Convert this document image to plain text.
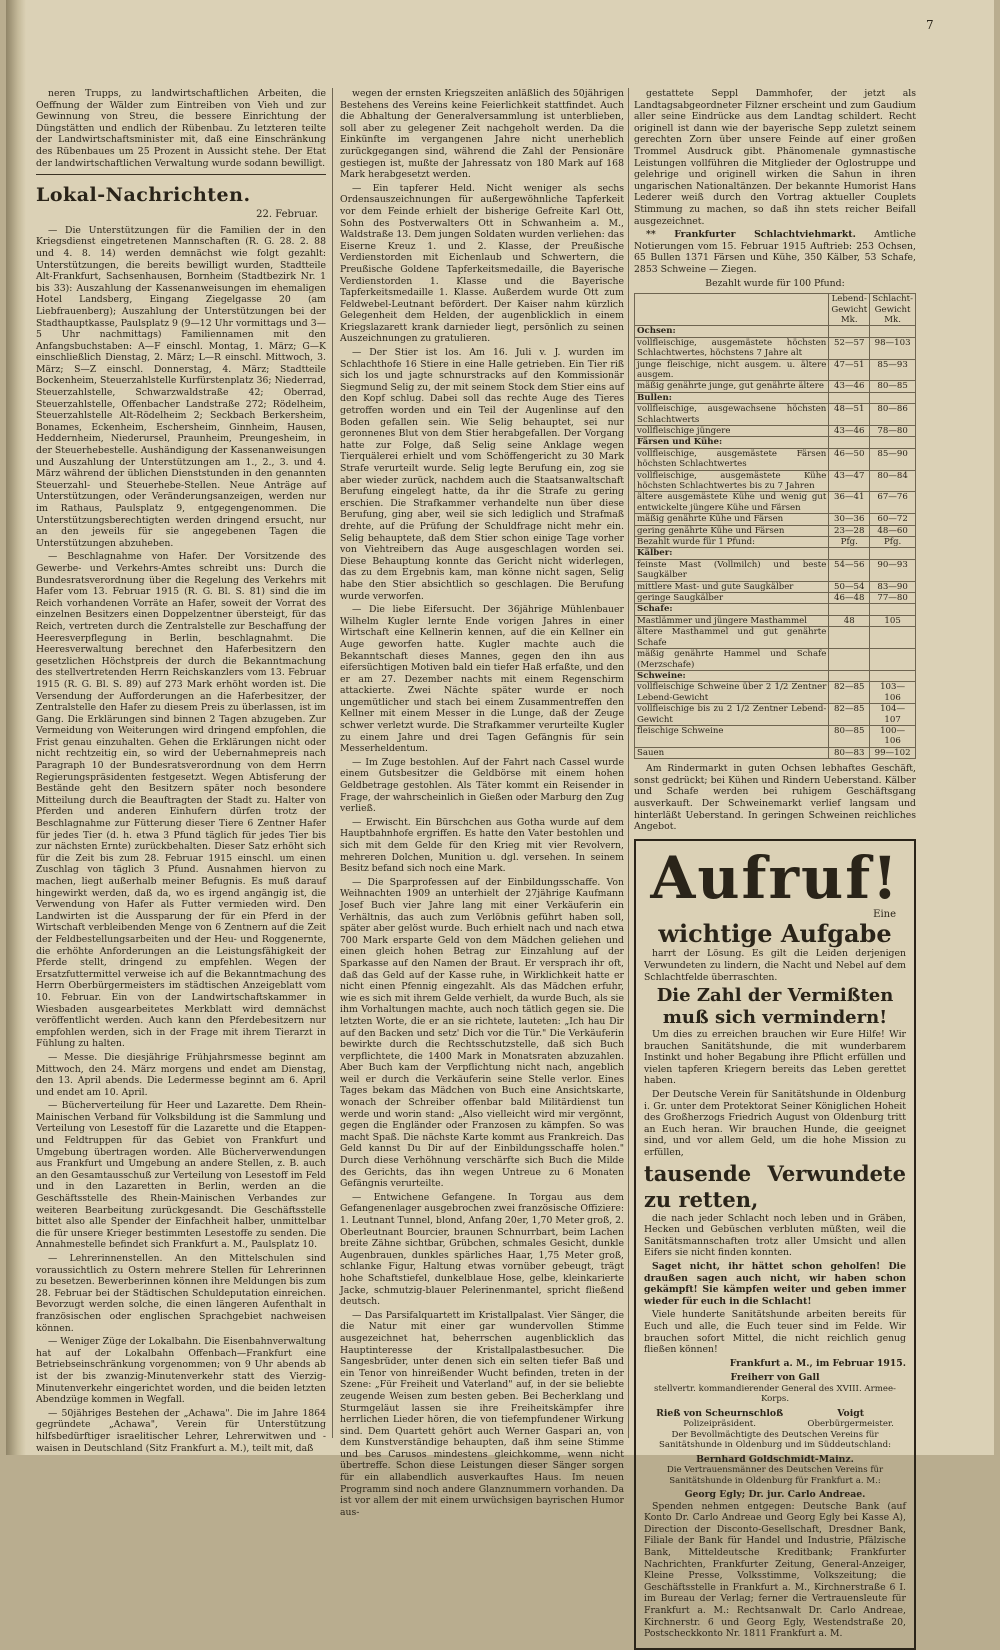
7

neren Trupps, zu landwirtschaftlichen Arbeiten, die Oeffnung der Wälder zum Eintreiben von Vieh und zur Gewinnung von Streu, die bessere Einrichtung der Düngstätten und endlich der Rübenbau. Zu letzteren teilte der Landwirtschaftsminister mit, daß eine Einschränkung des Rübenbaues um 25 Prozent in Aussicht stehe. Der Etat der landwirtschaftlichen Verwaltung wurde sodann bewilligt.

Lokal-Nachrichten.
22. Februar.

— Die Unterstützungen für die Familien der in den Kriegsdienst eingetretenen Mannschaften (R. G. 28. 2. 88 und 4. 8. 14) werden demnächst wie folgt gezahlt: Unterstützungen, die bereits bewilligt wurden, Stadtteile Alt-Frankfurt, Sachsenhausen, Bornheim (Stadtbezirk Nr. 1 bis 33): Auszahlung der Kassenanweisungen im ehemaligen Hotel Landsberg, Eingang Ziegelgasse 20 (am Liebfrauenberg); Auszahlung der Unterstützungen bei der Stadthauptkasse, Paulsplatz 9 (9—12 Uhr vormittags und 3—5 Uhr nachmittags) Familiennamen mit den Anfangsbuchstaben: A—F einschl. Montag, 1. März; G—K einschließlich Dienstag, 2. März; L—R einschl. Mittwoch, 3. März; S—Z einschl. Donnerstag, 4. März; Stadtteile Bockenheim, Steuerzahlstelle Kurfürstenplatz 36; Niederrad, Steuerzahlstelle, Schwarzwaldstraße 42; Oberrad, Steuerzahlstelle, Offenbacher Landstraße 272; Rödelheim, Steuerzahlstelle Alt-Rödelheim 2; Seckbach Berkersheim, Bonames, Eckenheim, Eschersheim, Ginnheim, Hausen, Heddernheim, Niederursel, Praunheim, Preungesheim, in der Steuerhebestelle. Aushändigung der Kassenanweisungen und Auszahlung der Unterstützungen am 1., 2., 3. und 4. März während der üblichen Dienststunden in den genannten Steuerzahl- und Steuerhebe-Stellen. Neue Anträge auf Unterstützungen, oder Veränderungsanzeigen, werden nur im Rathaus, Paulsplatz 9, entgegengenommen. Die Unterstützungsberechtigten werden dringend ersucht, nur an den jeweils für sie angegebenen Tagen die Unterstützungen abzuheben.

— Beschlagnahme von Hafer. Der Vorsitzende des Gewerbe- und Verkehrs-Amtes schreibt uns: Durch die Bundesratsverordnung über die Regelung des Verkehrs mit Hafer vom 13. Februar 1915 (R. G. Bl. S. 81) sind die im Reich vorhandenen Vorräte an Hafer, soweit der Vorrat des einzelnen Besitzers einen Doppelzentner übersteigt, für das Reich, vertreten durch die Zentralstelle zur Beschaffung der Heeresverpflegung in Berlin, beschlagnahmt. Die Heeresverwaltung berechnet den Haferbesitzern den gesetzlichen Höchstpreis der durch die Bekanntmachung des stellvertretenden Herrn Reichskanzlers vom 13. Februar 1915 (R. G. Bl. S. 89) auf 273 Mark erhöht worden ist. Die Versendung der Aufforderungen an die Haferbesitzer, der Zentralstelle den Hafer zu diesem Preis zu überlassen, ist im Gang. Die Erklärungen sind binnen 2 Tagen abzugeben. Zur Vermeidung von Weiterungen wird dringend empfohlen, die Frist genau einzuhalten. Gehen die Erklärungen nicht oder nicht rechtzeitig ein, so wird der Uebernahmepreis nach Paragraph 10 der Bundesratsverordnung von dem Herrn Regierungspräsidenten festgesetzt. Wegen Abtisferung der Bestände geht den Besitzern später noch besondere Mitteilung durch die Beauftragten der Stadt zu. Halter von Pferden und anderen Einhufern dürfen trotz der Beschlagnahme zur Fütterung dieser Tiere 6 Zentner Hafer für jedes Tier (d. h. etwa 3 Pfund täglich für jedes Tier bis zur nächsten Ernte) zurückbehalten. Dieser Satz erhöht sich für die Zeit bis zum 28. Februar 1915 einschl. um einen Zuschlag von täglich 3 Pfund. Ausnahmen hiervon zu machen, liegt außerhalb meiner Befugnis. Es muß darauf hingewirkt werden, daß da, wo es irgend angängig ist, die Verwendung von Hafer als Futter vermieden wird. Den Landwirten ist die Aussparung der für ein Pferd in der Wirtschaft verbleibenden Menge von 6 Zentnern auf die Zeit der Feldbestellungsarbeiten und der Heu- und Roggenernte, die erhöhte Anforderungen an die Leistungsfähigkeit der Pferde stellt, dringend zu empfehlen. Wegen der Ersatzfuttermittel verweise ich auf die Bekanntmachung des Herrn Oberbürgermeisters im städtischen Anzeigeblatt vom 10. Februar. Ein von der Landwirtschaftskammer in Wiesbaden ausgearbeitetes Merkblatt wird demnächst veröffentlicht werden. Auch kann den Pferdebesitzern nur empfohlen werden, sich in der Frage mit ihrem Tierarzt in Fühlung zu halten.

— Messe. Die diesjährige Frühjahrsmesse beginnt am Mittwoch, den 24. März morgens und endet am Dienstag, den 13. April abends. Die Ledermesse beginnt am 6. April und endet am 10. April.

— Bücherverteilung für Heer und Lazarette. Dem Rhein-Mainischen Verband für Volksbildung ist die Sammlung und Verteilung von Lesestoff für die Lazarette und die Etappen- und Feldtruppen für das Gebiet von Frankfurt und Umgebung übertragen worden. Alle Bücherverwendungen aus Frankfurt und Umgebung an andere Stellen, z. B. auch an den Gesamtausschuß zur Verteilung von Lesestoff im Feld und in den Lazaretten in Berlin, werden an die Geschäftsstelle des Rhein-Mainischen Verbandes zur weiteren Bearbeitung zurückgesandt. Die Geschäftsstelle bittet also alle Spender der Einfachheit halber, unmittelbar die für unsere Krieger bestimmten Lesestoffe zu senden. Die Annahmestelle befindet sich Frankfurt a. M., Paulsplatz 10.

— Lehrerinnenstellen. An den Mittelschulen sind voraussichtlich zu Ostern mehrere Stellen für Lehrerinnen zu besetzen. Bewerberinnen können ihre Meldungen bis zum 28. Februar bei der Städtischen Schuldeputation einreichen. Bevorzugt werden solche, die einen längeren Aufenthalt in französischen oder englischen Sprachgebiet nachweisen können.

— Weniger Züge der Lokalbahn. Die Eisenbahnverwaltung hat auf der Lokalbahn Offenbach—Frankfurt eine Betriebseinschränkung vorgenommen; von 9 Uhr abends ab ist der bis zwanzig-Minutenverkehr statt des Vierzig-Minutenverkehr eingerichtet worden, und die beiden letzten Abendzüge kommen in Wegfall.

— 50jähriges Bestehen der „Achawa". Die im Jahre 1864 gegründete „Achawa", Verein für Unterstützung hilfsbedürftiger israelitischer Lehrer, Lehrerwitwen und -waisen in Deutschland (Sitz Frankfurt a. M.), teilt mit, daß

wegen der ernsten Kriegszeiten anläßlich des 50jährigen Bestehens des Vereins keine Feierlichkeit stattfindet. Auch die Abhaltung der Generalversammlung ist unterblieben, soll aber zu gelegener Zeit nachgeholt werden. Da die Einkünfte im vergangenen Jahre nicht unerheblich zurückgegangen sind, während die Zahl der Pensionäre gestiegen ist, mußte der Jahressatz von 180 Mark auf 168 Mark herabgesetzt werden.

— Ein tapferer Held. Nicht weniger als sechs Ordensauszeichnungen für außergewöhnliche Tapferkeit vor dem Feinde erhielt der bisherige Gefreite Karl Ott, Sohn des Postverwalters Ott in Schwanheim a. M., Waldstraße 13. Dem jungen Soldaten wurden verliehen: das Eiserne Kreuz 1. und 2. Klasse, der Preußische Verdienstorden mit Eichenlaub und Schwertern, die Preußische Goldene Tapferkeitsmedaille, die Bayerische Verdienstorden 1. Klasse und die Bayerische Tapferkeitsmedaille 1. Klasse. Außerdem wurde Ott zum Feldwebel-Leutnant befördert. Der Kaiser nahm kürzlich Gelegenheit dem Helden, der augenblicklich in einem Kriegslazarett krank darnieder liegt, persönlich zu seinen Auszeichnungen zu gratulieren.

— Der Stier ist los. Am 16. Juli v. J. wurden im Schlachthofe 16 Stiere in eine Halle getrieben. Ein Tier riß sich los und jagte schnurstracks auf den Kommissionär Siegmund Selig zu, der mit seinem Stock dem Stier eins auf den Kopf schlug. Dabei soll das rechte Auge des Tieres getroffen worden und ein Teil der Augenlinse auf den Boden gefallen sein. Wie Selig behauptet, sei nur geronnenes Blut von dem Stier herabgefallen. Der Vorgang hatte zur Folge, daß Selig seine Anklage wegen Tierquälerei erhielt und vom Schöffengericht zu 30 Mark Strafe verurteilt wurde. Selig legte Berufung ein, zog sie aber wieder zurück, nachdem auch die Staatsanwaltschaft Berufung eingelegt hatte, da ihr die Strafe zu gering erschien. Die Strafkammer verhandelte nun über diese Berufung, ging aber, weil sie sich lediglich und Strafmaß drehte, auf die Prüfung der Schuldfrage nicht mehr ein. Selig behauptete, daß dem Stier schon einige Tage vorher von Viehtreibern das Auge ausgeschlagen worden sei. Diese Behauptung konnte das Gericht nicht widerlegen, das zu dem Ergebnis kam, man könne nicht sagen, Selig habe den Stier absichtlich so geschlagen. Die Berufung wurde verworfen.

— Die liebe Eifersucht. Der 36jährige Mühlenbauer Wilhelm Kugler lernte Ende vorigen Jahres in einer Wirtschaft eine Kellnerin kennen, auf die ein Kellner ein Auge geworfen hatte. Kugler machte auch die Bekanntschaft dieses Mannes, gegen den ihn aus eifersüchtigen Motiven bald ein tiefer Haß erfaßte, und den er am 27. Dezember nachts mit einem Regenschirm attackierte. Zwei Nächte später wurde er noch ungemütlicher und stach bei einem Zusammentreffen den Kellner mit einem Messer in die Lunge, daß der Zeuge schwer verletzt wurde. Die Strafkammer verurteilte Kugler zu einem Jahre und drei Tagen Gefängnis für sein Messerheldentum.

— Im Zuge bestohlen. Auf der Fahrt nach Cassel wurde einem Gutsbesitzer die Geldbörse mit einem hohen Geldbetrage gestohlen. Als Täter kommt ein Reisender in Frage, der wahrscheinlich in Gießen oder Marburg den Zug verließ.

— Erwischt. Ein Bürschchen aus Gotha wurde auf dem Hauptbahnhofe ergriffen. Es hatte den Vater bestohlen und sich mit dem Gelde für den Krieg mit vier Revolvern, mehreren Dolchen, Munition u. dgl. versehen. In seinem Besitz befand sich noch eine Mark.

— Die Sparprofessen auf der Einbildungsschaffe. Von Weihnachten 1909 an unterhielt der 27jährige Kaufmann Josef Buch vier Jahre lang mit einer Verkäuferin ein Verhältnis, das auch zum Verlöbnis geführt haben soll, später aber gelöst wurde. Buch erhielt nach und nach etwa 700 Mark ersparte Geld von dem Mädchen geliehen und einen gleich hohen Betrag zur Einzahlung auf der Sparkasse auf den Namen der Braut. Er versprach ihr oft, daß das Geld auf der Kasse ruhe, in Wirklichkeit hatte er nicht einen Pfennig eingezahlt. Als das Mädchen erfuhr, wie es sich mit ihrem Gelde verhielt, da wurde Buch, als sie ihm Vorhaltungen machte, auch noch tätlich gegen sie. Die letzten Worte, die er an sie richtete, lauteten: „Ich hau Dir auf den Backen und setz' Dich vor die Tür." Die Verkäuferin bewirkte durch die Rechtsschutzstelle, daß sich Buch verpflichtete, die 1400 Mark in Monatsraten abzuzahlen. Aber Buch kam der Verpflichtung nicht nach, angeblich weil er durch die Verkäuferin seine Stelle verlor. Eines Tages bekam das Mädchen von Buch eine Ansichtskarte, wonach der Schreiber offenbar bald Militärdienst tun werde und worin stand: „Also vielleicht wird mir vergönnt, gegen die Engländer oder Franzosen zu kämpfen. So was macht Spaß. Die nächste Karte kommt aus Frankreich. Das Geld kannst Du Dir auf der Einbildungsschaffe holen." Durch diese Verhöhnung verschärfte sich Buch die Milde des Gerichts, das ihn wegen Untreue zu 6 Monaten Gefängnis verurteilte.

— Entwichene Gefangene. In Torgau aus dem Gefangenenlager ausgebrochen zwei französische Offiziere: 1. Leutnant Tunnel, blond, Anfang 20er, 1,70 Meter groß, 2. Oberleutnant Bourcier, braunen Schnurrbart, beim Lachen breite Zähne sichtbar, Grübchen, schmales Gesicht, dunkle Augenbrauen, dunkles spärliches Haar, 1,75 Meter groß, schlanke Figur, Haltung etwas vornüber gebeugt, trägt hohe Schaftstiefel, dunkelblaue Hose, gelbe, kleinkarierte Jacke, schmutzig-blauer Pelerinenmantel, spricht fließend deutsch.

— Das Parsifalquartett im Kristallpalast. Vier Sänger, die die Natur mit einer gar wundervollen Stimme ausgezeichnet hat, beherrschen augenblicklich das Hauptinteresse der Kristallpalastbesucher. Die Sangesbrüder, unter denen sich ein selten tiefer Baß und ein Tenor von hinreißender Wucht befinden, treten in der Szene: „Für Freiheit und Vaterland" auf, in der sie beliebte zeugende Weisen zum besten geben. Bei Becherklang und Sturmgeläut lassen sie ihre Freiheitskämpfer ihre herrlichen Lieder hören, die von tiefempfundener Wirkung sind. Dem Quartett gehört auch Werner Gaspari an, von dem Kunstverständige behaupten, daß ihm seine Stimme und bes Carusos mindestens gleichkomme, wenn nicht übertreffe. Schon diese Leistungen dieser Sänger sorgen für ein allabendlich ausverkauftes Haus. Im neuen Programm sind noch andere Glanznummern vorhanden. Da ist vor allem der mit einem urwüchsigen bayrischen Humor aus-

gestattete Seppl Dammhofer, der jetzt als Landtagsabgeordneter Filzner erscheint und zum Gaudium aller seine Eindrücke aus dem Landtag schildert. Recht originell ist dann wie der bayerische Sepp zuletzt seinem gerechten Zorn über unsere Feinde auf einer großen Trommel Ausdruck gibt. Phänomenale gymnastische Leistungen vollführen die Mitglieder der Oglostruppe und gelehrige und originell wirken die Sahun in ihren ungarischen Nationaltänzen. Der bekannte Humorist Hans Lederer weiß durch den Vortrag aktueller Couplets Stimmung zu machen, so daß ihn stets reicher Beifall ausgezeichnet.

** Frankfurter Schlachtviehmarkt. Amtliche Notierungen vom 15. Februar 1915 Auftrieb: 253 Ochsen, 65 Bullen 1371 Färsen und Kühe, 350 Kälber, 53 Schafe, 2853 Schweine — Ziegen.

Bezahlt wurde für 100 Pfund:
	Lebend-Gewicht Mk.	Schlacht-Gewicht Mk.
Ochsen:		
vollfleischige, ausgemästete höchsten Schlachtwertes, höchstens 7 Jahre alt	52—57	98—103
junge fleischige, nicht ausgem. u. ältere ausgem.	47—51	85—93
mäßig genährte junge, gut genährte ältere	43—46	80—85
Bullen:		
vollfleischige, ausgewachsene höchsten Schlachtwerts	48—51	80—86
vollfleischige jüngere	43—46	78—80
Färsen und Kühe:		
vollfleischige, ausgemästete Färsen höchsten Schlachtwertes	46—50	85—90
vollfleischige, ausgemästete Kühe höchsten Schlachtwertes bis zu 7 Jahren	43—47	80—84
ältere ausgemästete Kühe und wenig gut entwickelte jüngere Kühe und Färsen	36—41	67—76
mäßig genährte Kühe und Färsen	30—36	60—72
gering genährte Kühe und Färsen	23—28	48—60
Bezahlt wurde für 1 Pfund:	Pfg.	Pfg.
Kälber:		
feinste Mast (Vollmilch) und beste Saugkälber	54—56	90—93
mittlere Mast- und gute Saugkälber	50—54	83—90
geringe Saugkälber	46—48	77—80
Schafe:		
Mastlämmer und jüngere Masthammel	48	105
ältere Masthammel und gut genährte Schafe		
mäßig genährte Hammel und Schafe (Merzschafe)		
Schweine:		
vollfleischige Schweine über 2 1/2 Zentner Lebend-Gewicht	82—85	103—106
vollfleischige bis zu 2 1/2 Zentner Lebend-Gewicht	82—85	104—107
fleischige Schweine	80—85	100—106
Sauen	80—83	99—102

Am Rindermarkt in guten Ochsen lebhaftes Geschäft, sonst gedrückt; bei Kühen und Rindern Ueberstand. Kälber und Schafe werden bei ruhigem Geschäftsgang ausverkauft. Der Schweinemarkt verlief langsam und hinterläßt Ueberstand. In geringen Schweinen reichliches Angebot.

Aufruf!
Eine
wichtige Aufgabe

harrt der Lösung. Es gilt die Leiden derjenigen Verwundeten zu lindern, die Nacht und Nebel auf dem Schlachtfelde überraschten.

Die Zahl der Vermißten muß sich vermindern!

Um dies zu erreichen brauchen wir Eure Hilfe! Wir brauchen Sanitätshunde, die mit wunderbarem Instinkt und hoher Begabung ihre Pflicht erfüllen und vielen tapferen Kriegern bereits das Leben gerettet haben.

Der Deutsche Verein für Sanitätshunde in Oldenburg i. Gr. unter dem Protektorat Seiner Königlichen Hoheit des Großherzogs Friedrich August von Oldenburg tritt an Euch heran. Wir brauchen Hunde, die geeignet sind, und vor allem Geld, um die hohe Mission zu erfüllen,

tausende Verwundete zu retten,

die nach jeder Schlacht noch leben und in Gräben, Hecken und Gebüschen verbluten müßten, weil die Sanitätsmannschaften trotz aller Umsicht und allen Eifers sie nicht finden konnten.

Saget nicht, ihr hättet schon geholfen! Die draußen sagen auch nicht, wir haben schon gekämpft! Sie kämpfen weiter und geben immer wieder für euch in die Schlacht!

Viele hunderte Sanitätshunde arbeiten bereits für Euch und alle, die Euch teuer sind im Felde. Wir brauchen sofort Mittel, die nicht reichlich genug fließen können!

Frankfurt a. M., im Februar 1915.
Freiherr von Gall
stellvertr. kommandierender General des XVIII. Armee-Korps.
Rieß von Scheurnschloß
Polizeipräsident.
Voigt
Oberbürgermeister.
Der Bevollmächtigte des Deutschen Vereins für Sanitätshunde in Oldenburg und im Süddeutschland:
Bernhard Goldschmidt-Mainz.
Die Vertrauensmänner des Deutschen Vereins für Sanitätshunde in Oldenburg für Frankfurt a. M.:
Georg Egly; Dr. jur. Carlo Andreae.

Spenden nehmen entgegen: Deutsche Bank (auf Konto Dr. Carlo Andreae und Georg Egly bei Kasse A), Direction der Disconto-Gesellschaft, Dresdner Bank, Filiale der Bank für Handel und Industrie, Pfälzische Bank, Mitteldeutsche Kreditbank; Frankfurter Nachrichten, Frankfurter Zeitung, General-Anzeiger, Kleine Presse, Volksstimme, Volkszeitung; die Geschäftsstelle in Frankfurt a. M., Kirchnerstraße 6 I. im Bureau der Verlag; ferner die Vertrauensleute für Frankfurt a. M.: Rechtsanwalt Dr. Carlo Andreae, Kirchnerstr. 6 und Georg Egly, Westendstraße 20, Postscheckkonto Nr. 1811 Frankfurt a. M.
